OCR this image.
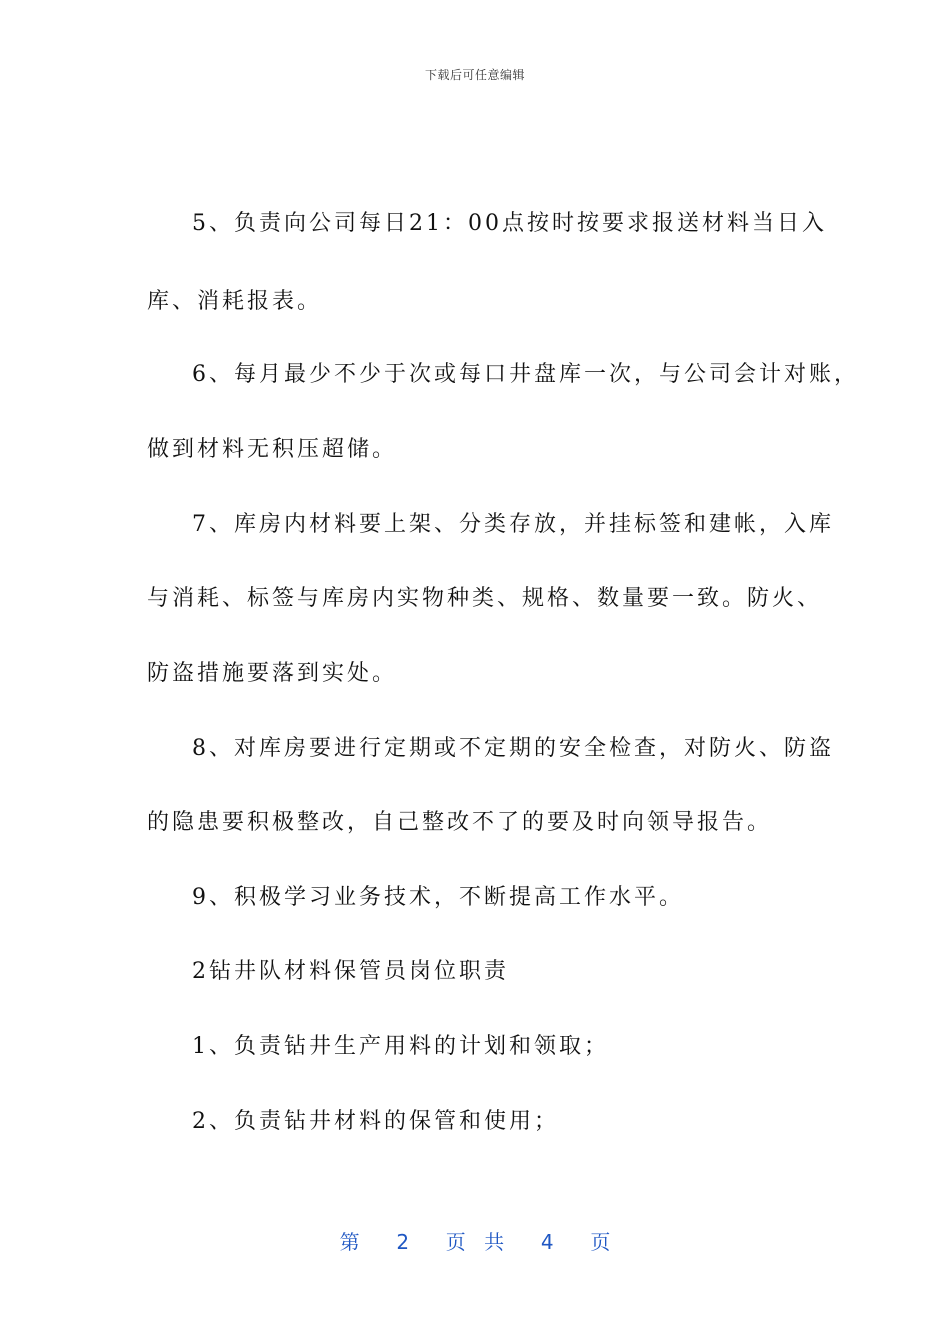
下载后可任意编辑
5、负责向公司每日21：00点按时按要求报送材料当日入
库、消耗报表。
6、每月最少不少于次或每口井盘库一次，与公司会计对账，
做到材料无积压超储。
7、库房内材料要上架、分类存放，并挂标签和建帐，入库
与消耗、标签与库房内实物种类、规格、数量要一致。防火、
防盗措施要落到实处。
8、对库房要进行定期或不定期的安全检查，对防火、防盗
的隐患要积极整改，自己整改不了的要及时向领导报告。
9、积极学习业务技术，不断提高工作水平。
2钻井队材料保管员岗位职责
1、负责钻井生产用料的计划和领取；
2、负责钻井材料的保管和使用；
第  2  页 共  4  页
